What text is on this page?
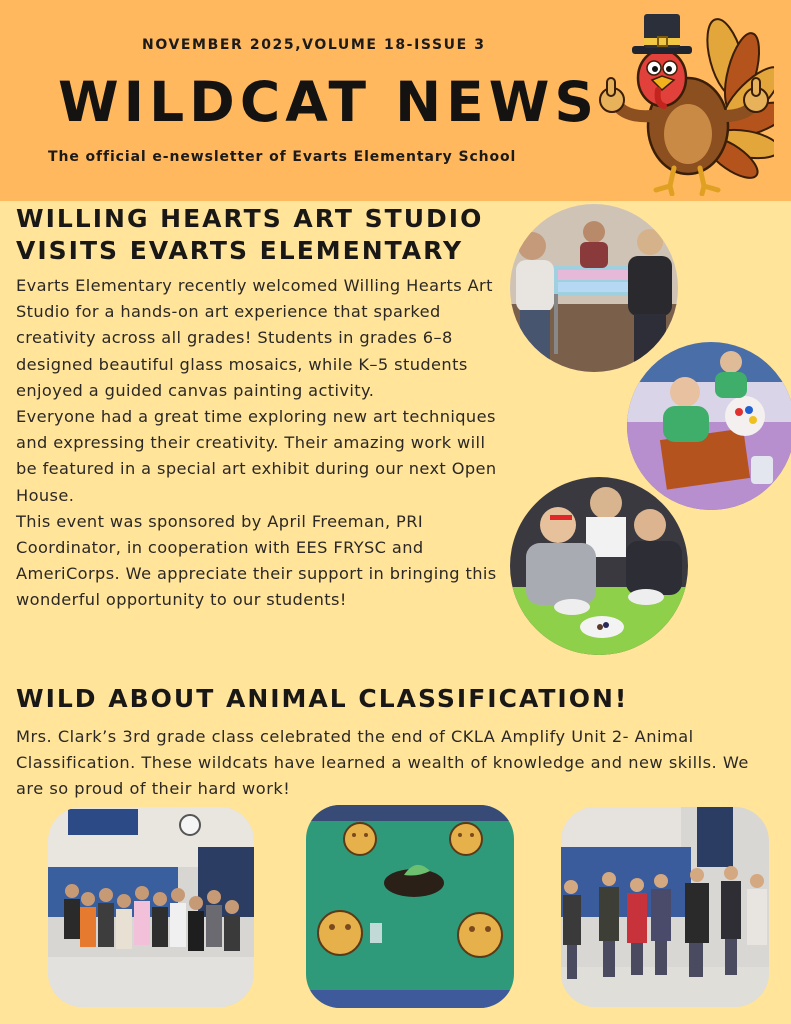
NOVEMBER 2025,VOLUME 18-ISSUE 3
WILDCAT NEWS
The official e-newsletter of Evarts Elementary School
WILLING HEARTS ART STUDIO
VISITS EVARTS ELEMENTARY

Evarts Elementary recently welcomed Willing Hearts Art Studio for a hands-on art experience that sparked creativity across all grades! Students in grades 6–8 designed beautiful glass mosaics, while K–5 students enjoyed a guided canvas painting activity.

Everyone had a great time exploring new art techniques and expressing their creativity. Their amazing work will be featured in a special art exhibit during our next Open House.

This event was sponsored by April Freeman, PRI Coordinator, in cooperation with EES FRYSC and AmeriCorps. We appreciate their support in bringing this wonderful opportunity to our students!

WILD ABOUT ANIMAL CLASSIFICATION!
Mrs. Clark’s 3rd grade class celebrated the end of CKLA Amplify Unit 2- Animal Classification. These wildcats have learned a wealth of knowledge and new skills. We are so proud of their hard work!
